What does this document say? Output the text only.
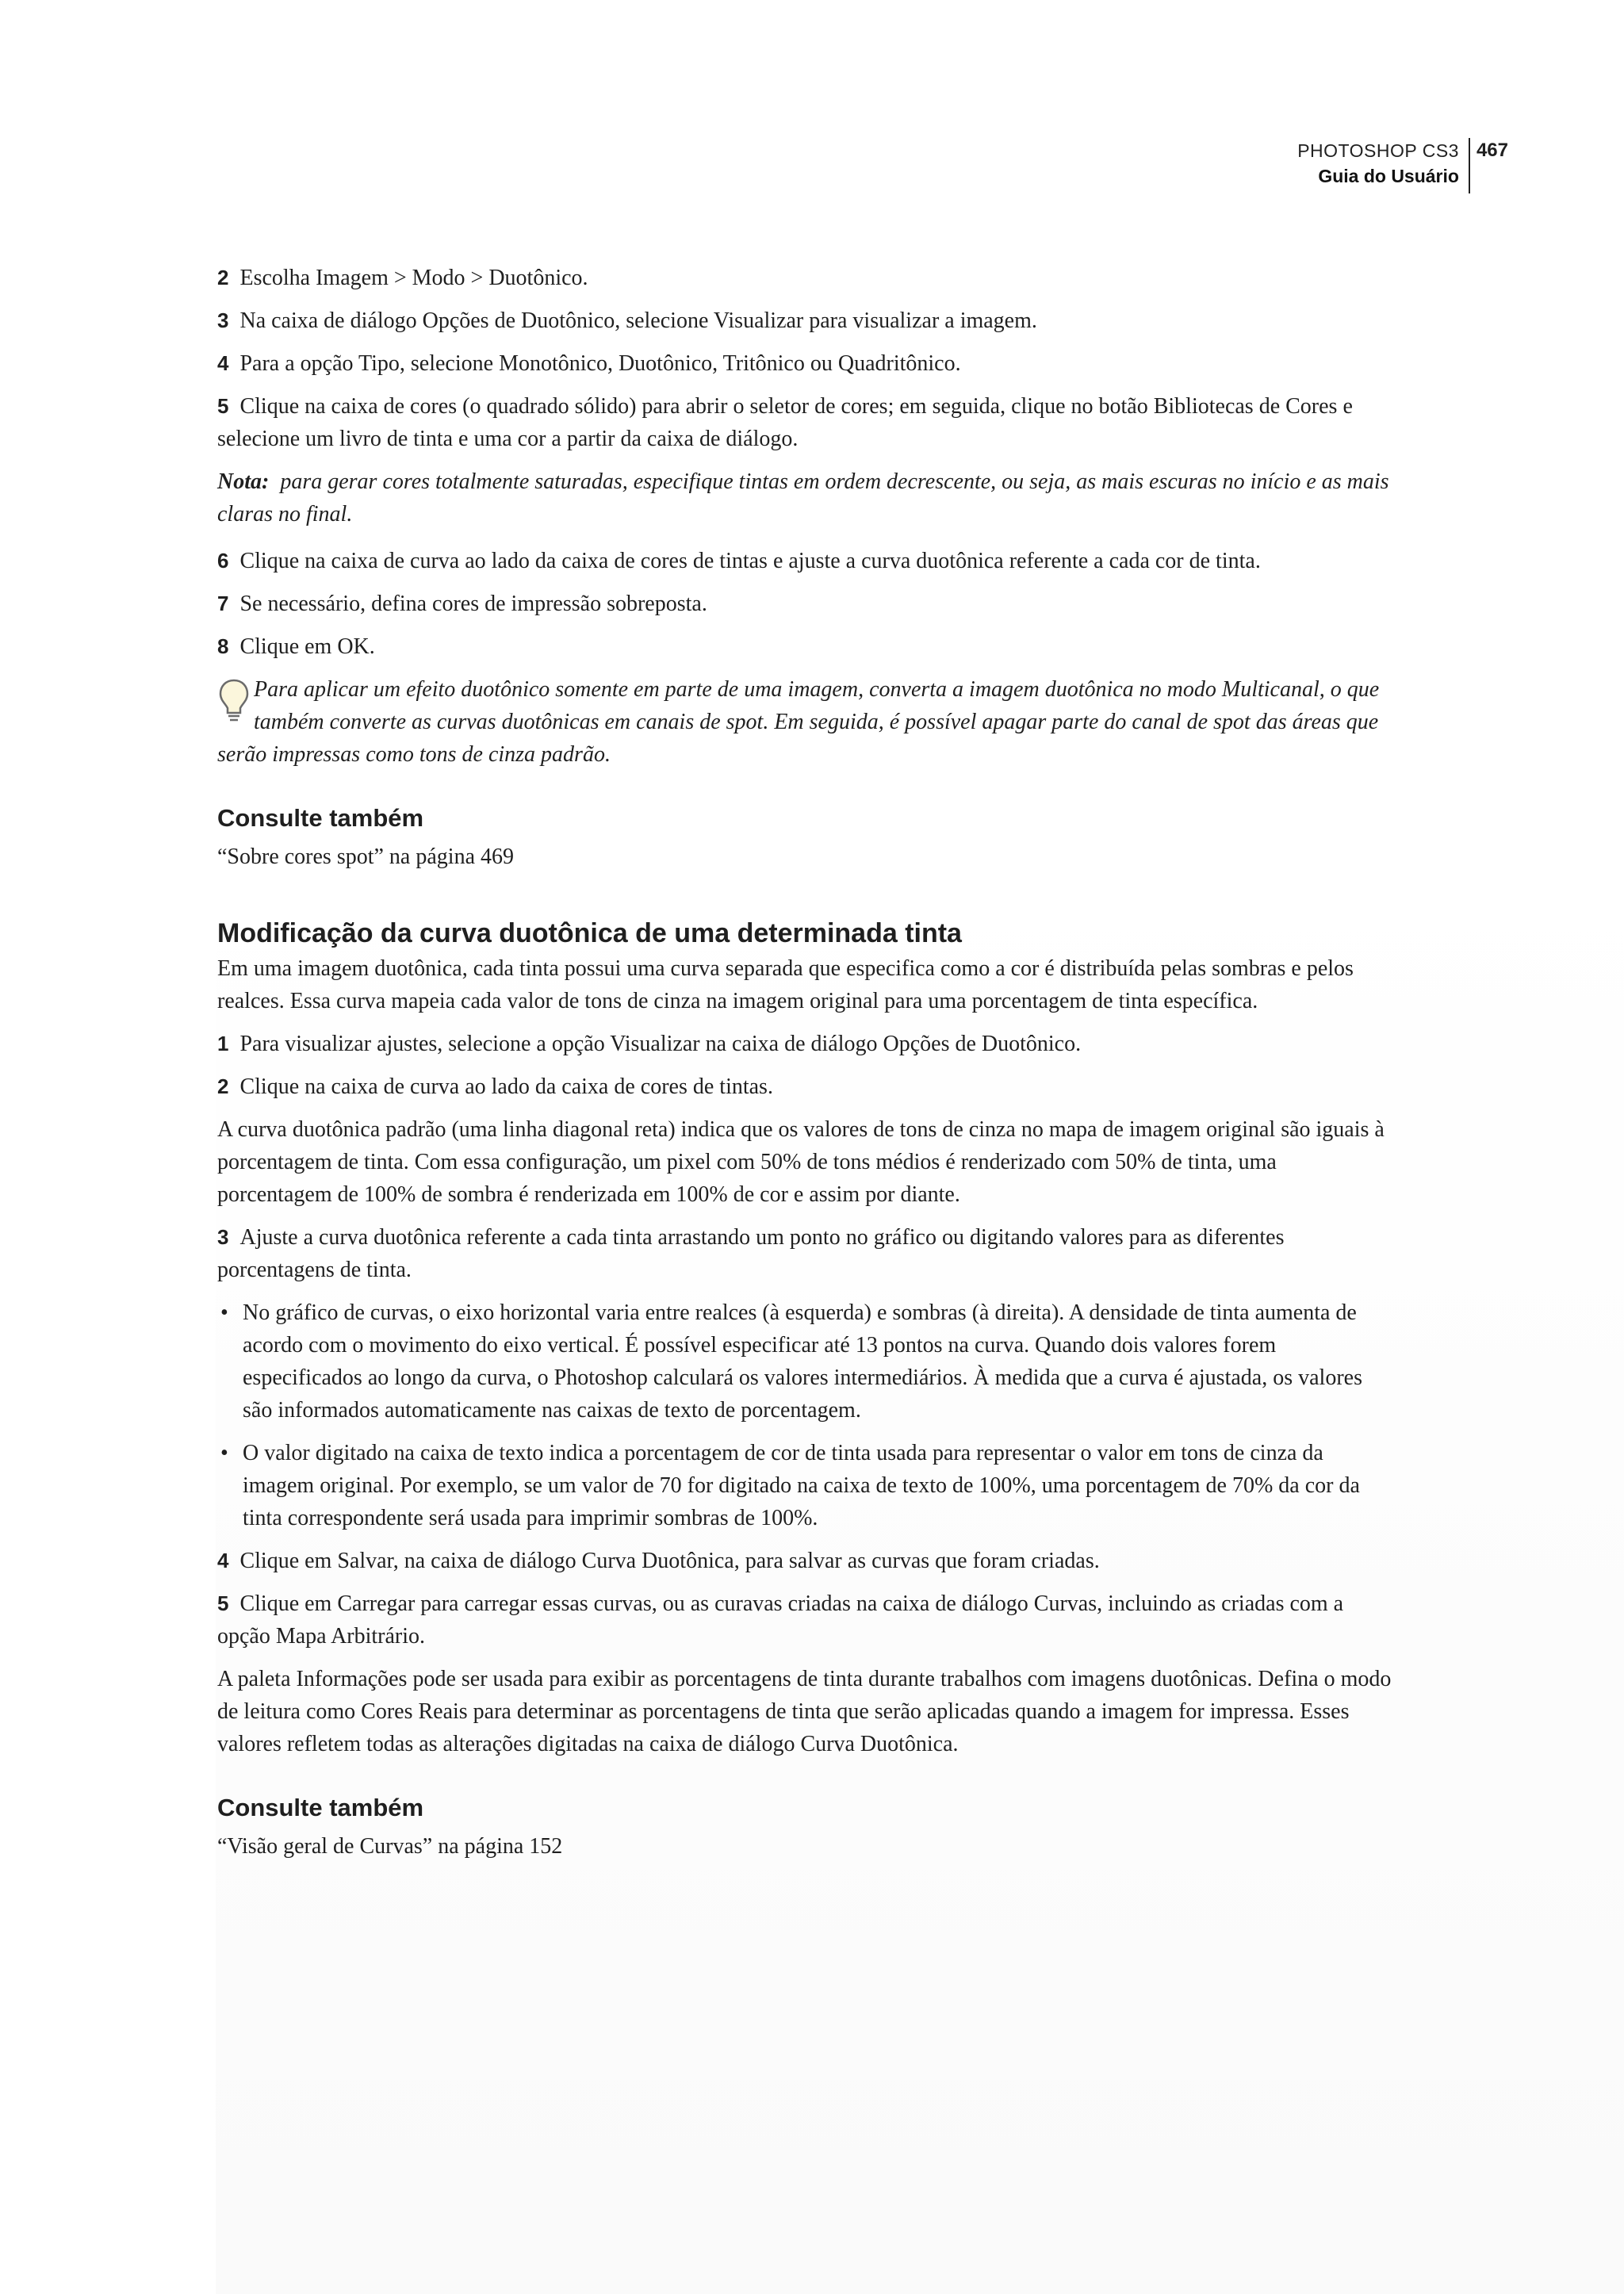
PHOTOSHOP CS3
Guia do Usuário
467

2 Escolha Imagem > Modo > Duotônico.

3 Na caixa de diálogo Opções de Duotônico, selecione Visualizar para visualizar a imagem.

4 Para a opção Tipo, selecione Monotônico, Duotônico, Tritônico ou Quadritônico.

5 Clique na caixa de cores (o quadrado sólido) para abrir o seletor de cores; em seguida, clique no botão Bibliotecas de Cores e selecione um livro de tinta e uma cor a partir da caixa de diálogo.

Nota: para gerar cores totalmente saturadas, especifique tintas em ordem decrescente, ou seja, as mais escuras no início e as mais claras no final.

6 Clique na caixa de curva ao lado da caixa de cores de tintas e ajuste a curva duotônica referente a cada cor de tinta.

7 Se necessário, defina cores de impressão sobreposta.

8 Clique em OK.

Para aplicar um efeito duotônico somente em parte de uma imagem, converta a imagem duotônica no modo Multicanal, o que também converte as curvas duotônicas em canais de spot. Em seguida, é possível apagar parte do canal de spot das áreas que serão impressas como tons de cinza padrão.

Consulte também

“Sobre cores spot” na página 469

Modificação da curva duotônica de uma determinada tinta

Em uma imagem duotônica, cada tinta possui uma curva separada que especifica como a cor é distribuída pelas sombras e pelos realces. Essa curva mapeia cada valor de tons de cinza na imagem original para uma porcentagem de tinta específica.

1 Para visualizar ajustes, selecione a opção Visualizar na caixa de diálogo Opções de Duotônico.

2 Clique na caixa de curva ao lado da caixa de cores de tintas.

A curva duotônica padrão (uma linha diagonal reta) indica que os valores de tons de cinza no mapa de imagem original são iguais à porcentagem de tinta. Com essa configuração, um pixel com 50% de tons médios é renderizado com 50% de tinta, uma porcentagem de 100% de sombra é renderizada em 100% de cor e assim por diante.

3 Ajuste a curva duotônica referente a cada tinta arrastando um ponto no gráfico ou digitando valores para as diferentes porcentagens de tinta.

• No gráfico de curvas, o eixo horizontal varia entre realces (à esquerda) e sombras (à direita). A densidade de tinta aumenta de acordo com o movimento do eixo vertical. É possível especificar até 13 pontos na curva. Quando dois valores forem especificados ao longo da curva, o Photoshop calculará os valores intermediários. À medida que a curva é ajustada, os valores são informados automaticamente nas caixas de texto de porcentagem.
• O valor digitado na caixa de texto indica a porcentagem de cor de tinta usada para representar o valor em tons de cinza da imagem original. Por exemplo, se um valor de 70 for digitado na caixa de texto de 100%, uma porcentagem de 70% da cor da tinta correspondente será usada para imprimir sombras de 100%.

4 Clique em Salvar, na caixa de diálogo Curva Duotônica, para salvar as curvas que foram criadas.

5 Clique em Carregar para carregar essas curvas, ou as curavas criadas na caixa de diálogo Curvas, incluindo as criadas com a opção Mapa Arbitrário.

A paleta Informações pode ser usada para exibir as porcentagens de tinta durante trabalhos com imagens duotônicas. Defina o modo de leitura como Cores Reais para determinar as porcentagens de tinta que serão aplicadas quando a imagem for impressa. Esses valores refletem todas as alterações digitadas na caixa de diálogo Curva Duotônica.

Consulte também

“Visão geral de Curvas” na página 152
